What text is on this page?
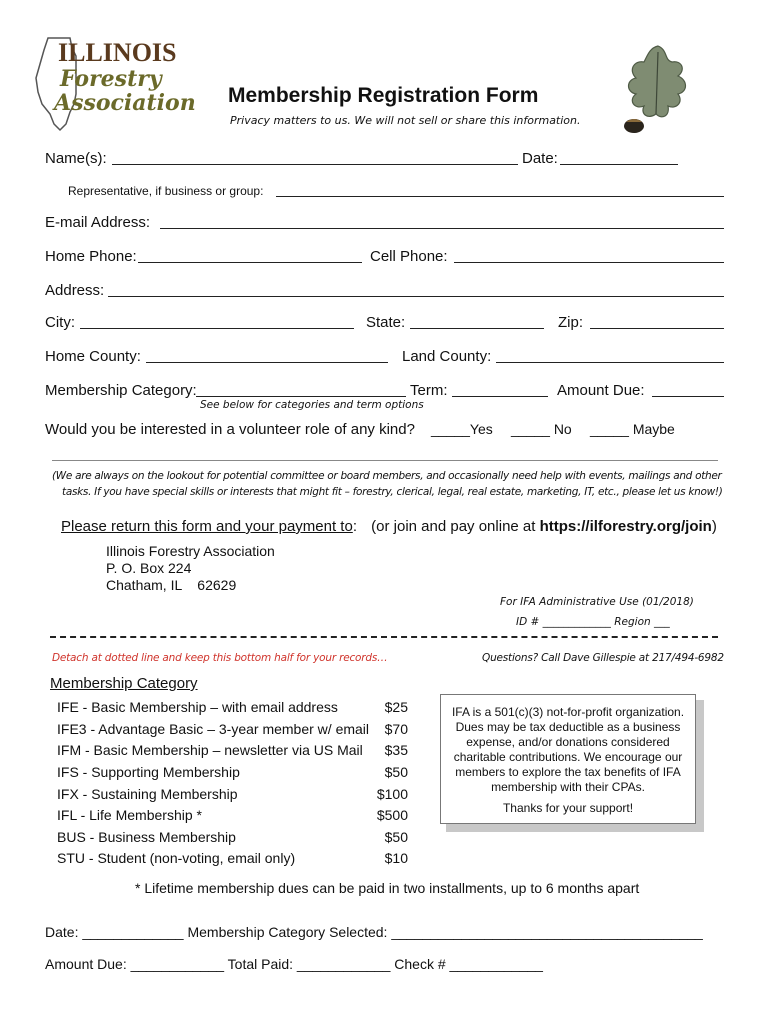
ILLINOIS
Forestry
Association Membership Registration Form
Privacy matters to us. We will not sell or share this information.
Name(s):	Date:
Representative, if business or group:
E-mail Address:
Home Phone:	Cell Phone:
Address:
City:	State:	Zip:
Home County:	Land County:
Membership Category:	Term:	Amount Due:
See below for categories and term options
Would you be interested in a volunteer role of any kind? _____Yes _____ No _____ Maybe
(We are always on the lookout for potential committee or board members, and occasionally need help with events, mailings and other
tasks. If you have special skills or interests that might fit – forestry, clerical, legal, real estate, marketing, IT, etc., please let us know!)
Please return this form and your payment to: (or join and pay online at https://ilforestry.org/join)
Illinois Forestry Association
P. O. Box 224
Chatham, IL    62629
For IFA Administrative Use (01/2018)
ID # _____________ Region ___
Detach at dotted line and keep this bottom half for your records…	Questions? Call Dave Gillespie at 217/494-6982
Membership Category
IFE - Basic Membership – with email address	$25
IFE3 - Advantage Basic – 3-year member w/ email	$70
IFM - Basic Membership – newsletter via US Mail	$35
IFS - Supporting Membership	$50
IFX - Sustaining Membership	$100
IFL - Life Membership *	$500
BUS - Business Membership	$50
STU - Student (non-voting, email only)	$10
IFA is a 501(c)(3) not-for-profit organization. Dues may be tax deductible as a business expense, and/or donations considered charitable contributions. We encourage our members to explore the tax benefits of IFA membership with their CPAs.
Thanks for your support!
* Lifetime membership dues can be paid in two installments, up to 6 months apart
Date: _____________ Membership Category Selected: ________________________________________
Amount Due: ____________ Total Paid: ____________ Check # ____________
